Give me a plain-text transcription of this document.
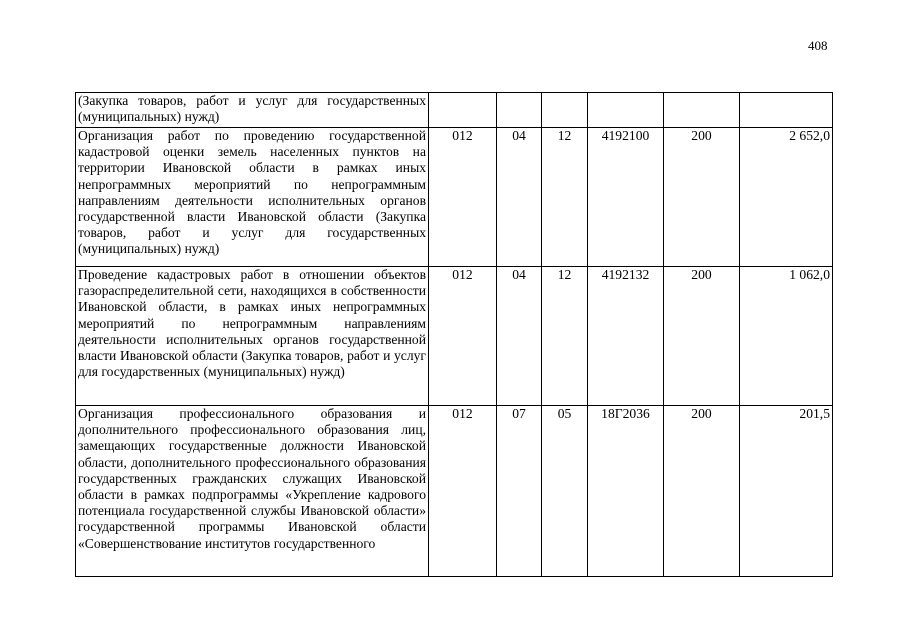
408
(Закупка товаров, работ и услуг для государственных (муниципальных) нужд)						
Организация работ по проведению государственной кадастровой оценки земель населенных пунктов на территории Ивановской области в рамках иных непрограммных мероприятий по непрограммным направлениям деятельности исполнительных органов государственной власти Ивановской области (Закупка товаров, работ и услуг для государственных (муниципальных) нужд)	012	04	12	4192100	200	2 652,0
Проведение кадастровых работ в отношении объектов газораспределительной сети, находящихся в собственности Ивановской области, в рамках иных непрограммных мероприятий по непрограммным направлениям деятельности исполнительных органов государственной власти Ивановской области (Закупка товаров, работ и услуг для государственных (муниципальных) нужд)	012	04	12	4192132	200	1 062,0
Организация профессионального образования и дополнительного профессионального образования лиц, замещающих государственные должности Ивановской области, дополнительного профессионального образования государственных гражданских служащих Ивановской области в рамках подпрограммы «Укрепление кадрового потенциала государственной службы Ивановской области» государственной программы Ивановской области «Совершенствование институтов государственного	012	07	05	18Г2036	200	201,5
